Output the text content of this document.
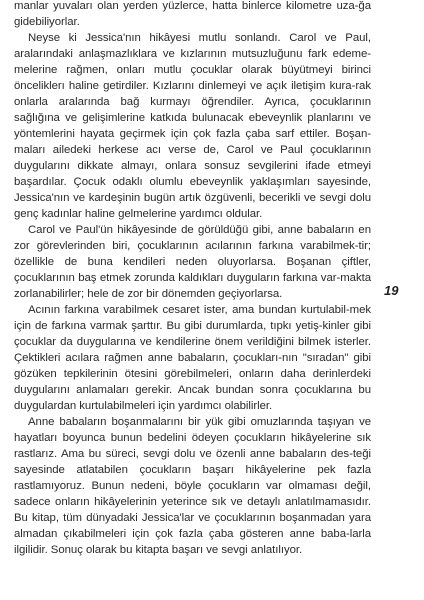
manlar yuvaları olan yerden yüzlerce, hatta binlerce kilometre uza-ğa gidebiliyorlar.

Neyse ki Jessica'nın hikâyesi mutlu sonlandı. Carol ve Paul, aralarındaki anlaşmazlıklara ve kızlarının mutsuzluğunu fark edeme-melerine rağmen, onları mutlu çocuklar olarak büyütmeyi birinci önceliklerı haline getirdiler. Kızlarını dinlemeyi ve açık iletişim kura-rak onlarla aralarında bağ kurmayı öğrendiler. Ayrıca, çocuklarının sağlığına ve gelişimlerine katkıda bulunacak ebeveynlik planlarını ve yöntemlerini hayata geçirmek için çok fazla çaba sarf ettiler. Boşan-maları ailedeki herkese acı verse de, Carol ve Paul çocuklarının duygularını dikkate almayı, onlara sonsuz sevgilerini ifade etmeyi başardılar. Çocuk odaklı olumlu ebeveynlik yaklaşımları sayesinde, Jessica'nın ve kardeşinin bugün artık özgüvenli, becerikli ve sevgi dolu genç kadınlar haline gelmelerine yardımcı oldular.

Carol ve Paul'ün hikâyesinde de görüldüğü gibi, anne babaların en zor görevlerinden biri, çocuklarının acılarının farkına varabilmek-tir; özellikle de buna kendileri neden oluyorlarsa. Boşanan çiftler, çocuklarının baş etmek zorunda kaldıkları duyguların farkına var-makta zorlanabilirler; hele de zor bir dönemden geçiyorlarsa.

Acının farkına varabilmek cesaret ister, ama bundan kurtulabil-mek için de farkına varmak şarttır. Bu gibi durumlarda, tıpkı yetiş-kinler gibi çocuklar da duygularına ve kendilerine önem verildiğini bilmek isterler. Çektikleri acılara rağmen anne babaların, çocukları-nın "sıradan" gibi gözüken tepkilerinin ötesini görebilmeleri, onların daha derinlerdeki duygularını anlamaları gerekir. Ancak bundan sonra çocuklarına bu duygulardan kurtulabilmeleri için yardımcı olabilirler.

Anne babaların boşanmalarını bir yük gibi omuzlarında taşıyan ve hayatları boyunca bunun bedelini ödeyen çocukların hikâyelerine sık rastlarız. Ama bu süreci, sevgi dolu ve özenli anne babaların des-teği sayesinde atlatabilen çocukların başarı hikâyelerine pek fazla rastlamıyoruz. Bunun nedeni, böyle çocukların var olmaması değil, sadece onların hikâyelerinin yeterince sık ve detaylı anlatılmamasıdır. Bu kitap, tüm dünyadaki Jessica'lar ve çocuklarının boşanmadan yara almadan çıkabilmeleri için çok fazla çaba gösteren anne baba-larla ilgilidir. Sonuç olarak bu kitapta başarı ve sevgi anlatılıyor.

19
